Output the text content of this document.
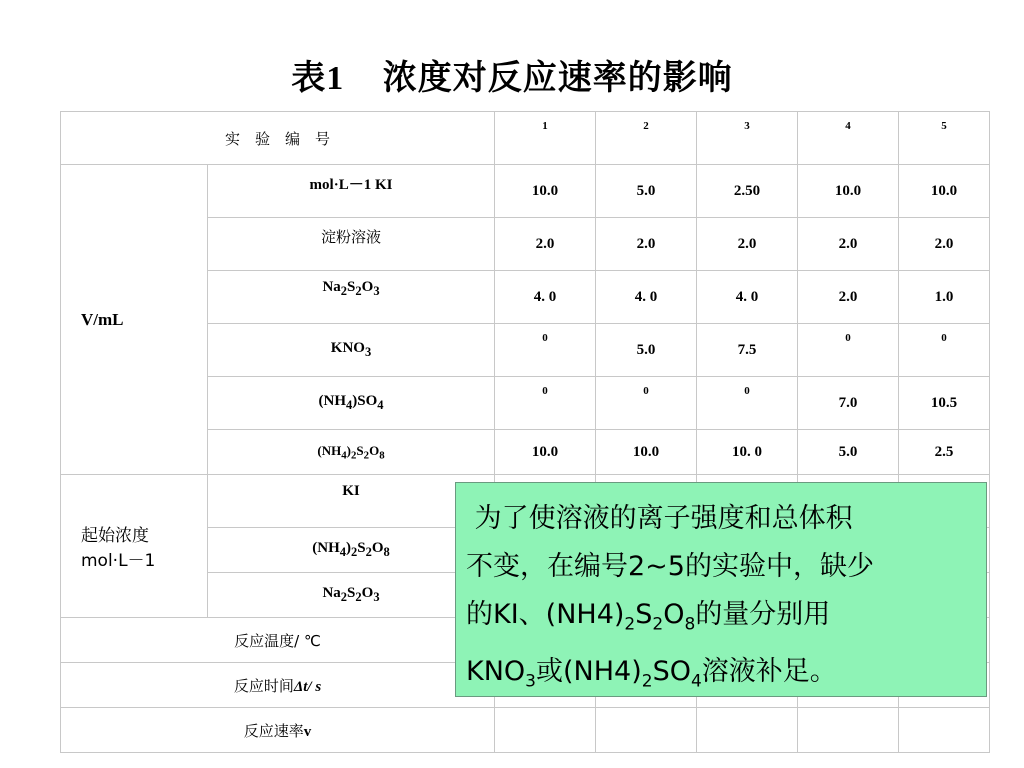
表1 浓度对反应速率的影响
实　验　编　号		1	2	3	4	5
V/mL	mol·L－1 KI	10.0	5.0	2.50	10.0	10.0
	淀粉溶液	2.0	2.0	2.0	2.0	2.0
	$Na_2S_2O_3$	4. 0	4. 0	4. 0	2.0	1.0
	$KNO_3$	0	5.0	7.5	0	0
	$(NH_4)SO_4$	0	0	0	7.0	10.5
	$(NH_4)_2S_2O_8$	10.0	10.0	10. 0	5.0	2.5
起始浓度
mol·L－1	KI					
	$(NH_4)_2S_2O_8$					
	$Na_2S_2O_3$					
反应温度/ ℃						
反应时间Δt/ s						
反应速率v						
为了使溶液的离子强度和总体积
不变，在编号2~5的实验中，缺少
的KI、$(NH4)_2S_2O_8$的量分别用
$KNO_3$或$(NH4)_2SO_4$溶液补足。
